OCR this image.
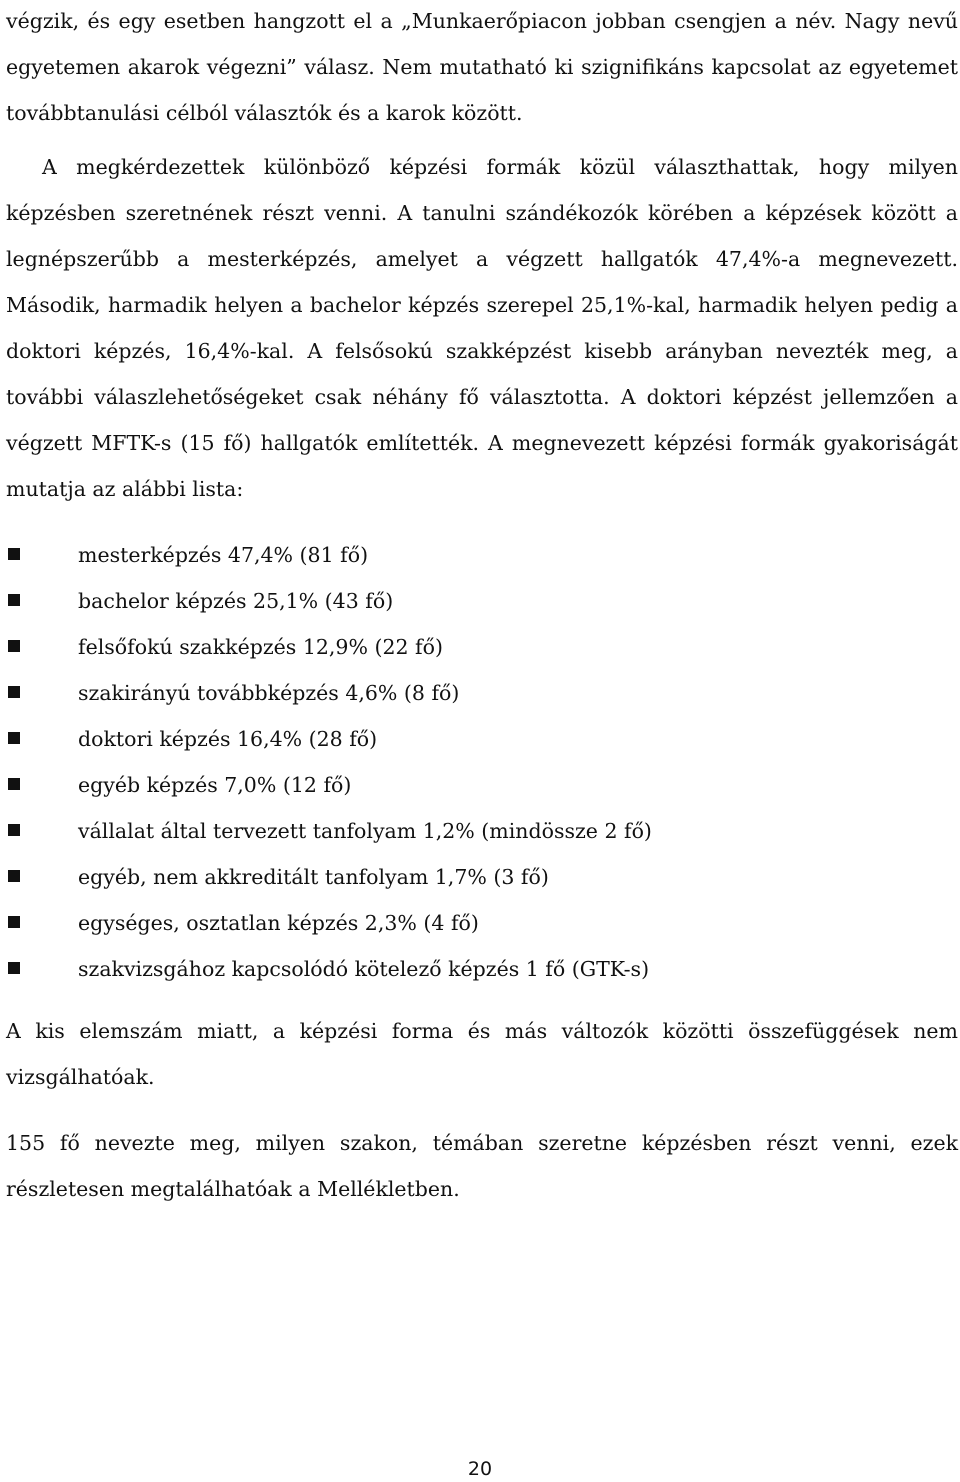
végzik, és egy esetben hangzott el a „Munkaerőpiacon jobban csengjen a név. Nagy nevű egyetemen akarok végezni” válasz. Nem mutatható ki szignifikáns kapcsolat az egyetemet továbbtanulási célból választók és a karok között.

A megkérdezettek különböző képzési formák közül választhattak, hogy milyen képzésben szeretnének részt venni. A tanulni szándékozók körében a képzések között a legnépszerűbb a mesterképzés, amelyet a végzett hallgatók 47,4%-a megnevezett. Második, harmadik helyen a bachelor képzés szerepel 25,1%-kal, harmadik helyen pedig a doktori képzés, 16,4%-kal. A felsősokú szakképzést kisebb arányban nevezték meg, a további válaszlehetőségeket csak néhány fő választotta. A doktori képzést jellemzően a végzett MFTK-s (15 fő) hallgatók említették. A megnevezett képzési formák gyakoriságát mutatja az alábbi lista:

mesterképzés 47,4% (81 fő)
bachelor képzés 25,1% (43 fő)
felsőfokú szakképzés 12,9% (22 fő)
szakirányú továbbképzés 4,6% (8 fő)
doktori képzés 16,4% (28 fő)
egyéb képzés 7,0% (12 fő)
vállalat által tervezett tanfolyam 1,2% (mindössze 2 fő)
egyéb, nem akkreditált tanfolyam 1,7% (3 fő)
egységes, osztatlan képzés 2,3% (4 fő)
szakvizsgához kapcsolódó kötelező képzés 1 fő (GTK-s)

A kis elemszám miatt, a képzési forma és más változók közötti összefüggések nem vizsgálhatóak.

155 fő nevezte meg, milyen szakon, témában szeretne képzésben részt venni, ezek részletesen megtalálhatóak a Mellékletben.

20
